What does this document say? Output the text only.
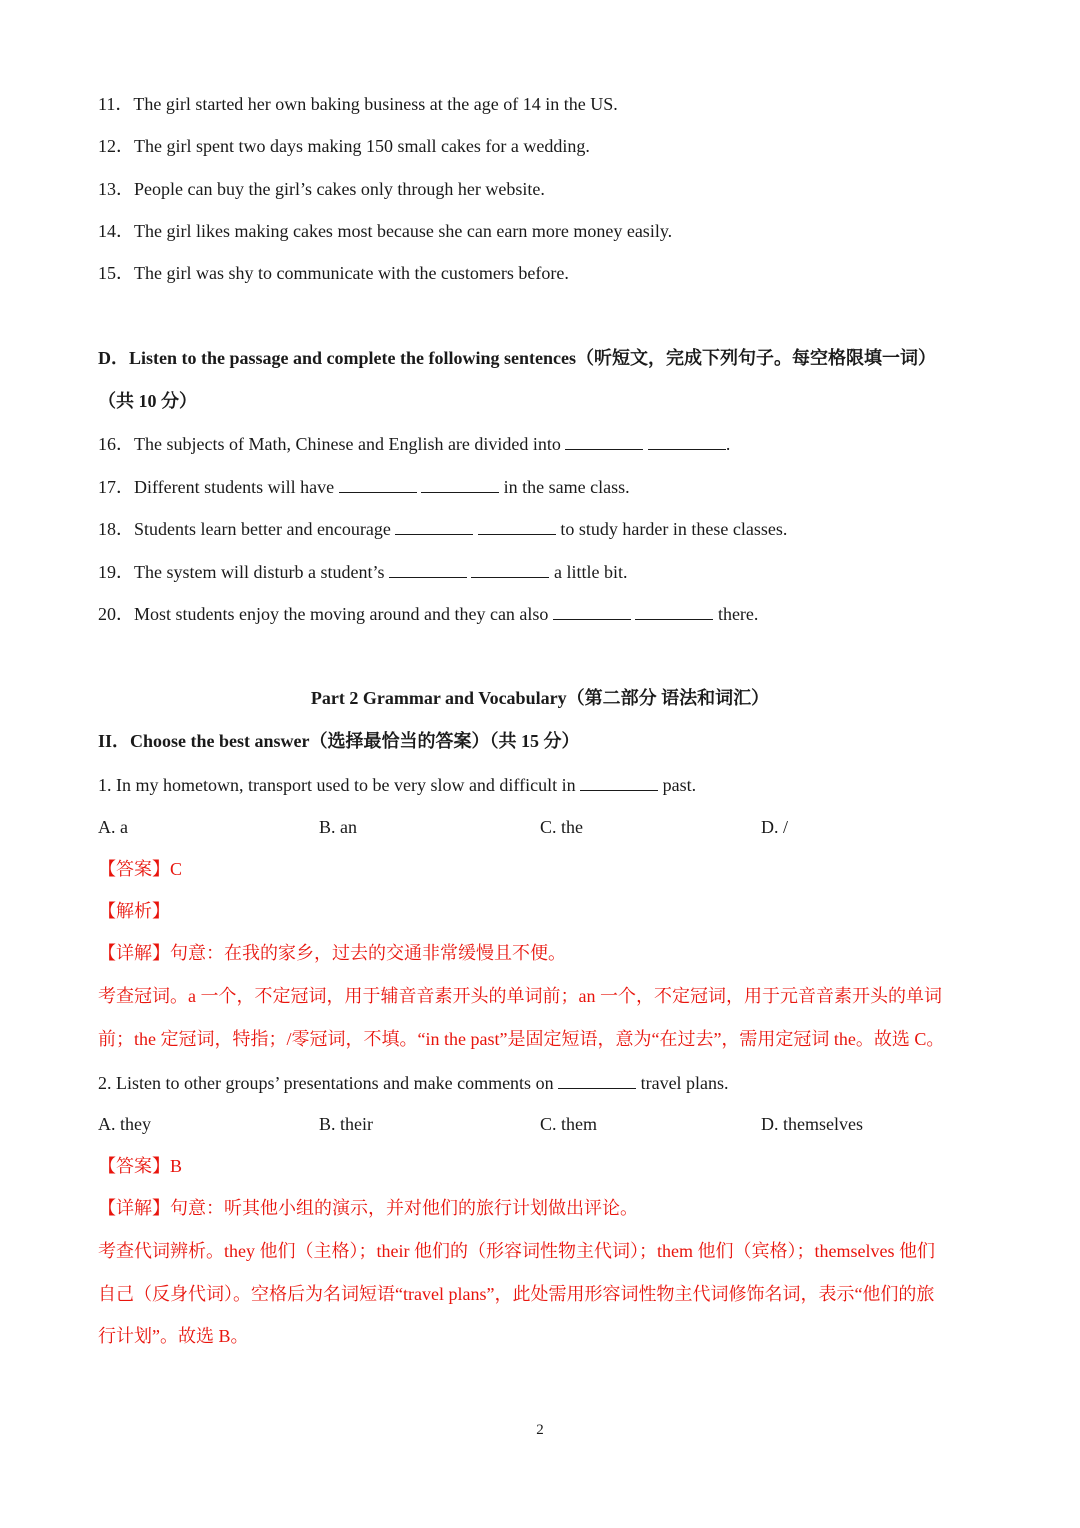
11．The girl started her own baking business at the age of 14 in the US.
12．The girl spent two days making 150 small cakes for a wedding.
13．People can buy the girl’s cakes only through her website.
14．The girl likes making cakes most because she can earn more money easily.
15．The girl was shy to communicate with the customers before.
D．Listen to the passage and complete the following sentences（听短文，完成下列句子。每空格限填一词）
（共 10 分）
16．The subjects of Math, Chinese and English are divided into	.
17．Different students will have	in the same class.
18．Students learn better and encourage	to study harder in these classes.
19．The system will disturb a student’s	a little bit.
20．Most students enjoy the moving around and they can also	there.
Part 2 Grammar and Vocabulary（第二部分 语法和词汇）
II．Choose the best answer（选择最恰当的答案）（共 15 分）
1. In my hometown, transport used to be very slow and difficult in	past.
A. a	B. an	C. the	D. /
【答案】C
【解析】
【详解】句意：在我的家乡，过去的交通非常缓慢且不便。
考查冠词。a 一个，不定冠词，用于辅音音素开头的单词前；an 一个，不定冠词，用于元音音素开头的单词
前；the 定冠词，特指；/零冠词，不填。“in the past”是固定短语，意为“在过去”，需用定冠词 the。故选 C。
2. Listen to other groups’ presentations and make comments on	travel plans.
A. they	B. their	C. them	D. themselves
【答案】B
【详解】句意：听其他小组的演示，并对他们的旅行计划做出评论。
考查代词辨析。they 他们（主格）；their 他们的（形容词性物主代词）；them 他们（宾格）；themselves 他们
自己（反身代词）。空格后为名词短语“travel plans”，此处需用形容词性物主代词修饰名词，表示“他们的旅
行计划”。故选 B。
2
